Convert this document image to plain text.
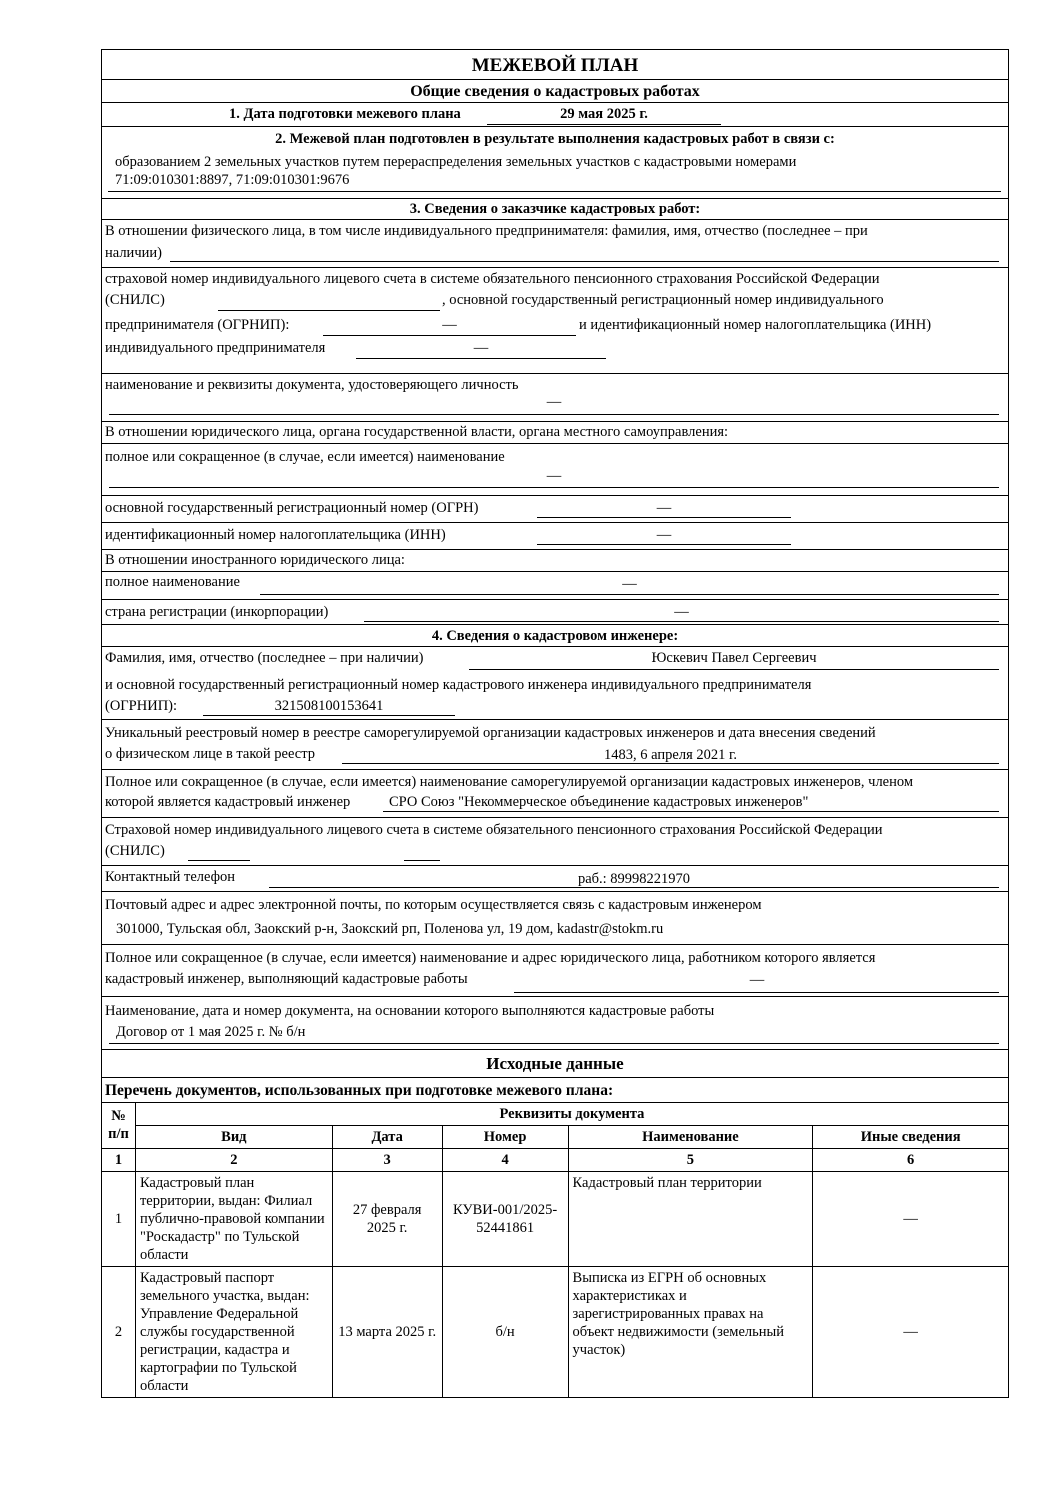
МЕЖЕВОЙ ПЛАН
Общие сведения о кадастровых работах
1. Дата подготовки межевого плана	29 мая 2025 г.
2. Межевой план подготовлен в результате выполнения кадастровых работ в связи с:
образованием 2 земельных участков путем перераспределения земельных участков с кадастровыми номерами
71:09:010301:8897, 71:09:010301:9676
3. Сведения о заказчике кадастровых работ:
В отношении физического лица, в том числе индивидуального предпринимателя: фамилия, имя, отчество (последнее – при
наличии)
страховой номер индивидуального лицевого счета в системе обязательного пенсионного страхования Российской Федерации
(СНИЛС)	, основной государственный регистрационный номер индивидуального
предпринимателя (ОГРНИП):	—	и идентификационный номер налогоплательщика (ИНН)
индивидуального предпринимателя	—
наименование и реквизиты документа, удостоверяющего личность
—
В отношении юридического лица, органа государственной власти, органа местного самоуправления:
полное или сокращенное (в случае, если имеется) наименование
—
основной государственный регистрационный номер (ОГРН)	—
идентификационный номер налогоплательщика (ИНН)	—
В отношении иностранного юридического лица:
полное наименование	—
страна регистрации (инкорпорации)	—
4. Сведения о кадастровом инженере:
Фамилия, имя, отчество (последнее – при наличии)	Юскевич Павел Сергеевич
и основной государственный регистрационный номер кадастрового инженера индивидуального предпринимателя
(ОГРНИП):	321508100153641
Уникальный реестровый номер в реестре саморегулируемой организации кадастровых инженеров и дата внесения сведений
о физическом лице в такой реестр	1483, 6 апреля 2021 г.
Полное или сокращенное (в случае, если имеется) наименование саморегулируемой организации кадастровых инженеров, членом
которой является кадастровый инженер	СРО Союз "Некоммерческое объединение кадастровых инженеров"
Страховой номер индивидуального лицевого счета в системе обязательного пенсионного страхования Российской Федерации
(СНИЛС)
Контактный телефон	раб.: 89998221970
Почтовый адрес и адрес электронной почты, по которым осуществляется связь с кадастровым инженером
301000, Тульская обл, Заокский р-н, Заокский рп, Поленова ул, 19 дом, kadastr@stokm.ru
Полное или сокращенное (в случае, если имеется) наименование и адрес юридического лица, работником которого является
кадастровый инженер, выполняющий кадастровые работы	—
Наименование, дата и номер документа, на основании которого выполняются кадастровые работы
Договор от 1 мая 2025 г. № б/н
Исходные данные
Перечень документов, использованных при подготовке межевого плана:
№ п/п	Реквизиты документа				
	Вид	Дата	Номер	Наименование	Иные сведения
1	2	3	4	5	6
1	Кадастровый план территории, выдан: Филиал публично-правовой компании "Роскадастр" по Тульской области	27 февраля 2025 г.	КУВИ-001/2025-52441861	Кадастровый план территории	—
2	Кадастровый паспорт земельного участка, выдан: Управление Федеральной службы государственной регистрации, кадастра и картографии по Тульской области	13 марта 2025 г.	б/н	Выписка из ЕГРН об основных характеристиках и зарегистрированных правах на объект недвижимости (земельный участок)	—
